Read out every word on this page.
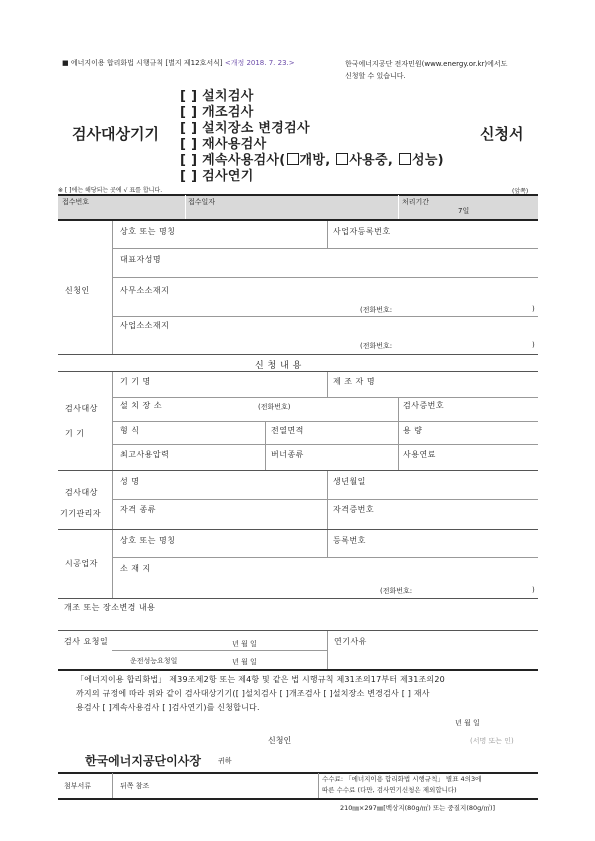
■ 에너지이용 합리화법 시행규칙 [별지 제12호서식] <개정 2018. 7. 23.>	한국에너지공단 전자민원(www.energy.or.kr)에서도
신청할 수 있습니다.
검사대상기기	신청서
[ ] 설치검사
[ ] 개조검사
[ ] 설치장소 변경검사
[ ] 재사용검사
[ ] 계속사용검사( 개방, 사용중, 성능)
[ ] 검사연기
※ [ ]에는 해당되는 곳에 √ 표를 합니다.	(앞쪽)
접수번호	접수일자	처리기간
7일
신청인
상호 또는 명칭	사업자등록번호
대표자성명
사무소소재지
(전화번호:	)
사업소소재지
(전화번호:	)
신 청 내 용
검사대상
기 기
기 기 명	제 조 자 명
설 치 장 소	(전화번호)	검사증번호
형 식	전열면적	용 량
최고사용압력	버너종류	사용연료
검사대상
기기관리자
성 명	생년월일
자격 종류	자격증번호
시공업자
상호 또는 명칭	등록번호
소 재 지
(전화번호:	)
개조 또는 장소변경 내용
검사 요청일	년 월 일	연기사유
운전성능요청일	년 월 일
「에너지이용 합리화법」 제39조제2항 또는 제4항 및 같은 법 시행규칙 제31조의17부터 제31조의20
까지의 규정에 따라 위와 같이 검사대상기기([ ]설치검사 [ ]개조검사 [ ]설치장소 변경검사 [ ] 재사
용검사 [ ]계속사용검사 [ ]검사연기)를 신청합니다.
년 월 일
신청인	(서명 또는 인)
한국에너지공단이사장 귀하
첨부서류	뒤쪽 참조
수수료: 「에너지이용 합리화법 시행규칙」 별표 4의3에
따른 수수료 (다만, 검사연기신청은 제외합니다)
210㎜×297㎜[백상지(80g/㎡) 또는 중질지(80g/㎡)]
